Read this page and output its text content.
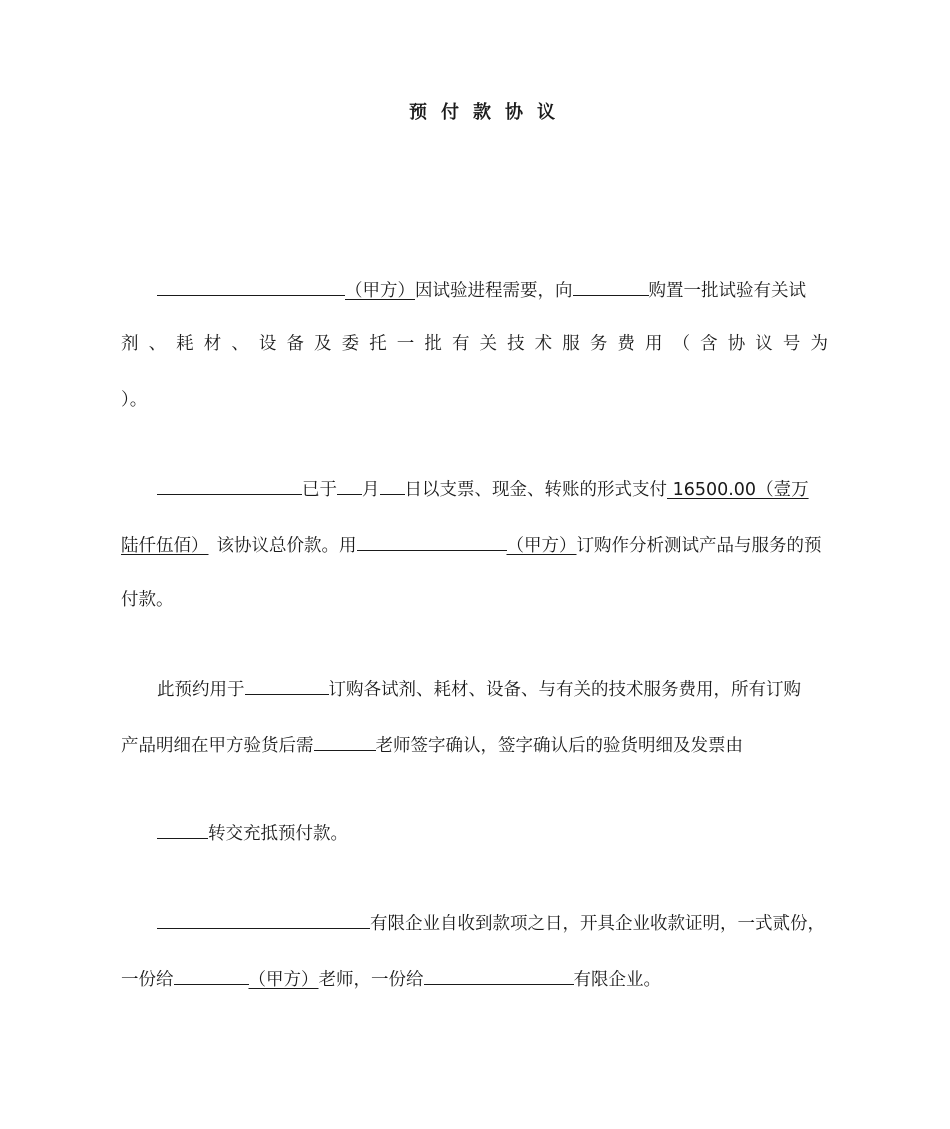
预付款协议
（甲方）因试验进程需要，向	购置一批试验有关试
剂 、 耗 材 、 设 备 及 委 托 一 批 有 关 技 术 服 务 费 用 （ 含 协 议 号 为
）。
已于 月 日以支票、现金、转账的形式支付 16500.00（壹万
陆仟伍佰） 该协议总价款。用	（甲方）订购作分析测试产品与服务的预
付款。
此预约用于	订购各试剂、耗材、设备、与有关的技术服务费用，所有订购
产品明细在甲方验货后需	老师签字确认，签字确认后的验货明细及发票由
转交充抵预付款。
有限企业自收到款项之日，开具企业收款证明，一式贰份，
一份给	（甲方）老师，一份给	有限企业。
